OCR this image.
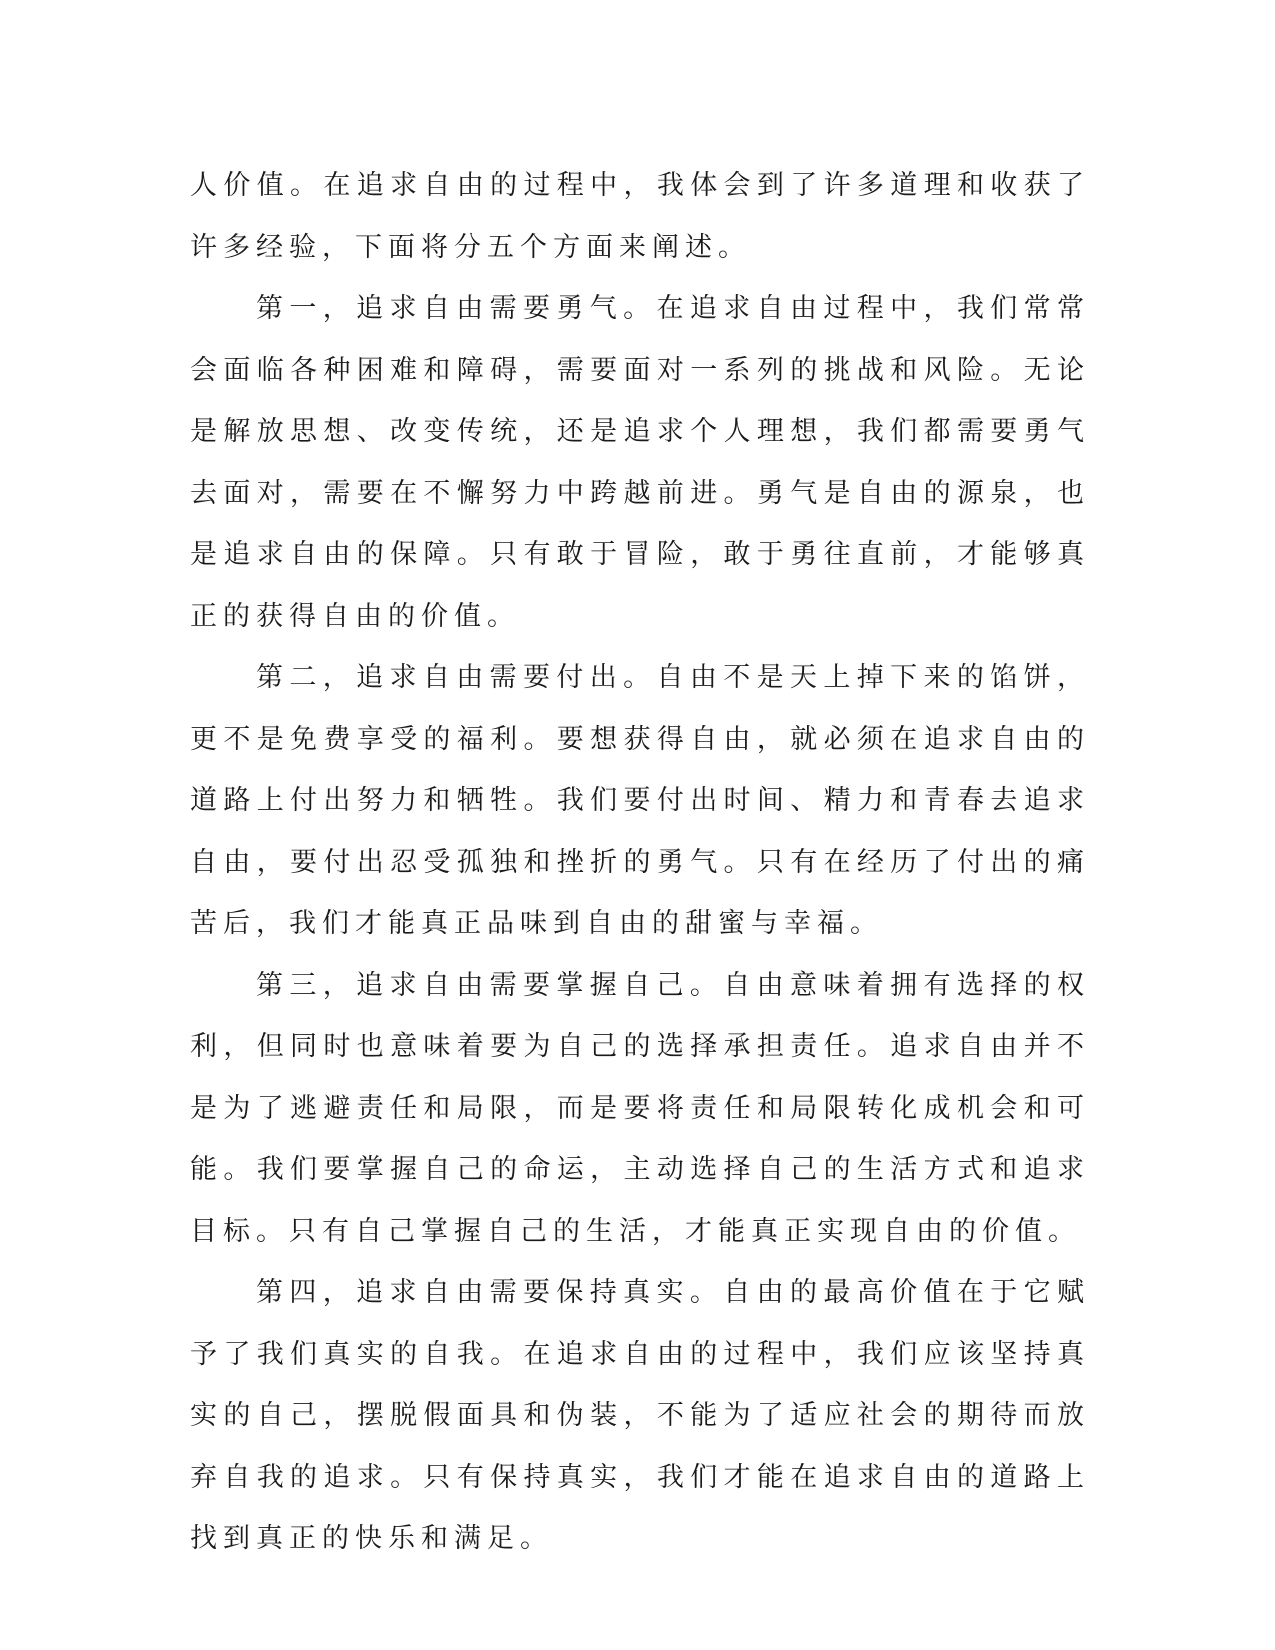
人价值。在追求自由的过程中，我体会到了许多道理和收获了许多经验，下面将分五个方面来阐述。

第一，追求自由需要勇气。在追求自由过程中，我们常常会面临各种困难和障碍，需要面对一系列的挑战和风险。无论是解放思想、改变传统，还是追求个人理想，我们都需要勇气去面对，需要在不懈努力中跨越前进。勇气是自由的源泉，也是追求自由的保障。只有敢于冒险，敢于勇往直前，才能够真正的获得自由的价值。

第二，追求自由需要付出。自由不是天上掉下来的馅饼，更不是免费享受的福利。要想获得自由，就必须在追求自由的道路上付出努力和牺牲。我们要付出时间、精力和青春去追求自由，要付出忍受孤独和挫折的勇气。只有在经历了付出的痛苦后，我们才能真正品味到自由的甜蜜与幸福。

第三，追求自由需要掌握自己。自由意味着拥有选择的权利，但同时也意味着要为自己的选择承担责任。追求自由并不是为了逃避责任和局限，而是要将责任和局限转化成机会和可能。我们要掌握自己的命运，主动选择自己的生活方式和追求目标。只有自己掌握自己的生活，才能真正实现自由的价值。

第四，追求自由需要保持真实。自由的最高价值在于它赋予了我们真实的自我。在追求自由的过程中，我们应该坚持真实的自己，摆脱假面具和伪装，不能为了适应社会的期待而放弃自我的追求。只有保持真实，我们才能在追求自由的道路上找到真正的快乐和满足。
